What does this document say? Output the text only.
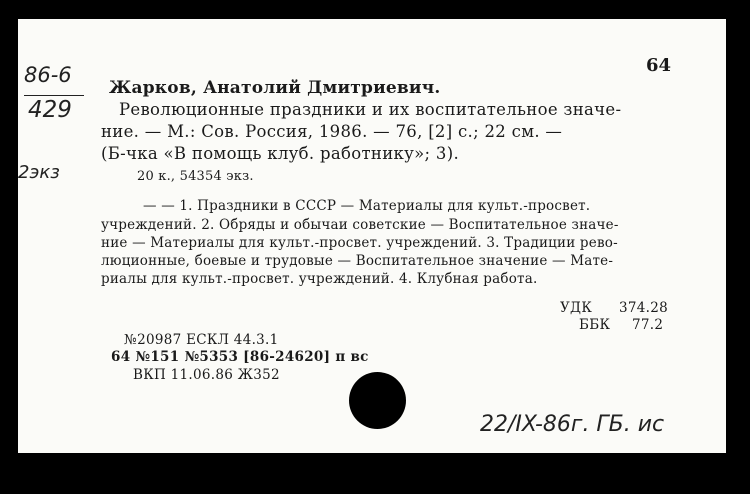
86-6
429
2экз
64
Жарков, Анатолий Дмитриевич.
Революционные праздники и их воспитательное значе-
ние. — М.: Сов. Россия, 1986. — 76, [2] с.; 22 см. —
(Б-чка «В помощь клуб. работнику»; 3).
20 к., 54354 экз.
— — 1. Праздники в СССР — Материалы для культ.-просвет.
учреждений. 2. Обряды и обычаи советские — Воспитательное значе-
ние — Материалы для культ.-просвет. учреждений. 3. Традиции рево-
люционные, боевые и трудовые — Воспитательное значение — Мате-
риалы для культ.-просвет. учреждений. 4. Клубная работа.
УДК 374.28
ББК 77.2
№20987 ЕСКЛ 44.3.1
64 №151 №5353 [86-24620] п вс
ВКП 11.06.86 Ж352
22/IX-86г. ГБ. ис
